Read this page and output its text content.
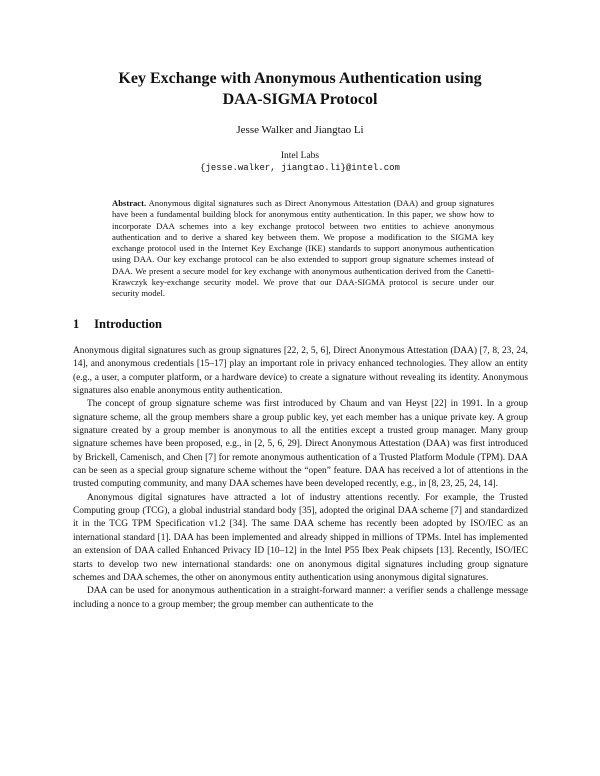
Key Exchange with Anonymous Authentication using
DAA-SIGMA Protocol
Jesse Walker and Jiangtao Li
Intel Labs
{jesse.walker, jiangtao.li}@intel.com
Abstract. Anonymous digital signatures such as Direct Anonymous Attestation (DAA) and group signatures have been a fundamental building block for anonymous entity authentication. In this paper, we show how to incorporate DAA schemes into a key exchange protocol between two entities to achieve anonymous authentication and to derive a shared key between them. We propose a modification to the SIGMA key exchange protocol used in the Internet Key Exchange (IKE) standards to support anonymous authentication using DAA. Our key exchange protocol can be also extended to support group signature schemes instead of DAA. We present a secure model for key exchange with anonymous authentication derived from the Canetti-Krawczyk key-exchange security model. We prove that our DAA-SIGMA protocol is secure under our security model.
1 Introduction

Anonymous digital signatures such as group signatures [22, 2, 5, 6], Direct Anonymous Attestation (DAA) [7, 8, 23, 24, 14], and anonymous credentials [15–17] play an important role in privacy enhanced technologies. They allow an entity (e.g., a user, a computer platform, or a hardware device) to create a signature without revealing its identity. Anonymous signatures also enable anonymous entity authentication.

The concept of group signature scheme was first introduced by Chaum and van Heyst [22] in 1991. In a group signature scheme, all the group members share a group public key, yet each member has a unique private key. A group signature created by a group member is anonymous to all the entities except a trusted group manager. Many group signature schemes have been proposed, e.g., in [2, 5, 6, 29]. Direct Anonymous Attestation (DAA) was first introduced by Brickell, Camenisch, and Chen [7] for remote anonymous authentication of a Trusted Platform Module (TPM). DAA can be seen as a special group signature scheme without the “open” feature. DAA has received a lot of attentions in the trusted computing community, and many DAA schemes have been developed recently, e.g., in [8, 23, 25, 24, 14].

Anonymous digital signatures have attracted a lot of industry attentions recently. For example, the Trusted Computing group (TCG), a global industrial standard body [35], adopted the original DAA scheme [7] and standardized it in the TCG TPM Specification v1.2 [34]. The same DAA scheme has recently been adopted by ISO/IEC as an international standard [1]. DAA has been implemented and already shipped in millions of TPMs. Intel has implemented an extension of DAA called Enhanced Privacy ID [10–12] in the Intel P55 Ibex Peak chipsets [13]. Recently, ISO/IEC starts to develop two new international standards: one on anonymous digital signatures including group signature schemes and DAA schemes, the other on anonymous entity authentication using anonymous digital signatures.

DAA can be used for anonymous authentication in a straight-forward manner: a verifier sends a challenge message including a nonce to a group member; the group member can authenticate to the
